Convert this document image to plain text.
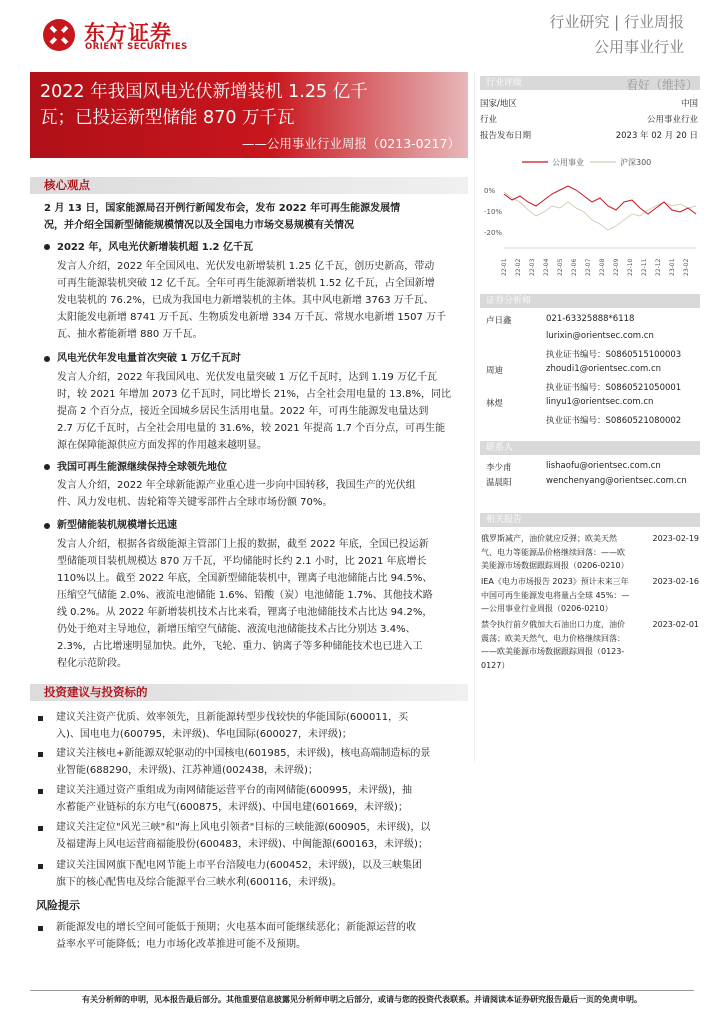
东方证券
ORIENT SECURITIES
行业研究 | 行业周报
公用事业行业
2022 年我国风电光伏新增装机 1.25 亿千
瓦；已投运新型储能 870 万千瓦
——公用事业行业周报（0213-0217）
行业评级	看好（维持）
国家/地区	中国
行业	公用事业行业
报告发布日期	2023 年 02 月 20 日
公用事业	沪深300
0%
-10%
-20%
22-01 22-02 22-03 22-04 22-05 22-06 22-07 22-08 22-09 22-10 22-11 22-12 23-01 23-02
证券分析师
卢日鑫	021-63325888*6118
lurixin@orientsec.com.cn
执业证书编号：S0860515100003
周迪	zhoudi1@orientsec.com.cn
执业证书编号：S0860521050001
林煜	linyu1@orientsec.com.cn
执业证书编号：S0860521080002
联系人
李少甫	lishaofu@orientsec.com.cn
温晨阳	wenchenyang@orientsec.com.cn
相关报告
俄罗斯减产，油价就应反弹；欧美天然	2023-02-19

气、电力等能源品价格继续回落：——欧
美能源市场数据跟踪周报（0206-0210）
IEA《电力市场报告 2023》预计未来三年	2023-02-16

中国可再生能源发电将量占全球 45%：—
—公用事业行业周报（0206-0210）
禁令执行前夕俄加大石油出口力度，油价	2023-02-01

震荡；欧美天然气、电力价格继续回落：
——欧美能源市场数据跟踪周报（0123-
0127）
核心观点
2 月 13 日，国家能源局召开例行新闻发布会，发布 2022 年可再生能源发展情
况，并介绍全国新型储能规模情况以及全国电力市场交易规模有关情况
2022 年，风电光伏新增装机超 1.2 亿千瓦
发言人介绍，2022 年全国风电、光伏发电新增装机 1.25 亿千瓦，创历史新高，带动
可再生能源装机突破 12 亿千瓦。全年可再生能源新增装机 1.52 亿千瓦，占全国新增
发电装机的 76.2%，已成为我国电力新增装机的主体。其中风电新增 3763 万千瓦、
太阳能发电新增 8741 万千瓦、生物质发电新增 334 万千瓦、常规水电新增 1507 万千
瓦、抽水蓄能新增 880 万千瓦。
风电光伏年发电量首次突破 1 万亿千瓦时
发言人介绍，2022 年我国风电、光伏发电量突破 1 万亿千瓦时，达到 1.19 万亿千瓦
时，较 2021 年增加 2073 亿千瓦时，同比增长 21%，占全社会用电量的 13.8%，同比
提高 2 个百分点，接近全国城乡居民生活用电量。2022 年，可再生能源发电量达到
2.7 万亿千瓦时，占全社会用电量的 31.6%，较 2021 年提高 1.7 个百分点，可再生能
源在保障能源供应方面发挥的作用越来越明显。
我国可再生能源继续保持全球领先地位
发言人介绍，2022 年全球新能源产业重心进一步向中国转移，我国生产的光伏组
件、风力发电机、齿轮箱等关键零部件占全球市场份额 70%。
新型储能装机规模增长迅速
发言人介绍，根据各省级能源主管部门上报的数据，截至 2022 年底，全国已投运新
型储能项目装机规模达 870 万千瓦，平均储能时长约 2.1 小时，比 2021 年底增长
110%以上。截至 2022 年底，全国新型储能装机中，锂离子电池储能占比 94.5%、
压缩空气储能 2.0%、液流电池储能 1.6%、铅酸（炭）电池储能 1.7%、其他技术路
线 0.2%。从 2022 年新增装机技术占比来看，锂离子电池储能技术占比达 94.2%，
仍处于绝对主导地位，新增压缩空气储能、液流电池储能技术占比分别达 3.4%、
2.3%，占比增速明显加快。此外，飞轮、重力、钠离子等多种储能技术也已进入工
程化示范阶段。
投资建议与投资标的
建议关注资产优质、效率领先，且新能源转型步伐较快的华能国际(600011，买
入)、国电电力(600795，未评级)、华电国际(600027，未评级)；
建议关注核电+新能源双轮驱动的中国核电(601985，未评级)，核电高端制造标的景
业智能(688290，未评级)、江苏神通(002438，未评级)；
建议关注通过资产重组成为南网储能运营平台的南网储能(600995，未评级)，抽
水蓄能产业链标的东方电气(600875，未评级)、中国电建(601669，未评级)；
建议关注定位"风光三峡"和"海上风电引领者"目标的三峡能源(600905，未评级)，以
及福建海上风电运营商福能股份(600483，未评级)、中闽能源(600163，未评级)；
建议关注国网旗下配电网节能上市平台涪陵电力(600452，未评级)，以及三峡集团
旗下的核心配售电及综合能源平台三峡水利(600116，未评级)。
风险提示
新能源发电的增长空间可能低于预期；火电基本面可能继续恶化；新能源运营的收
益率水平可能降低；电力市场化改革推进可能不及预期。
有关分析师的申明，见本报告最后部分。其他重要信息披露见分析师申明之后部分，或请与您的投资代表联系。并请阅读本证券研究报告最后一页的免责申明。
